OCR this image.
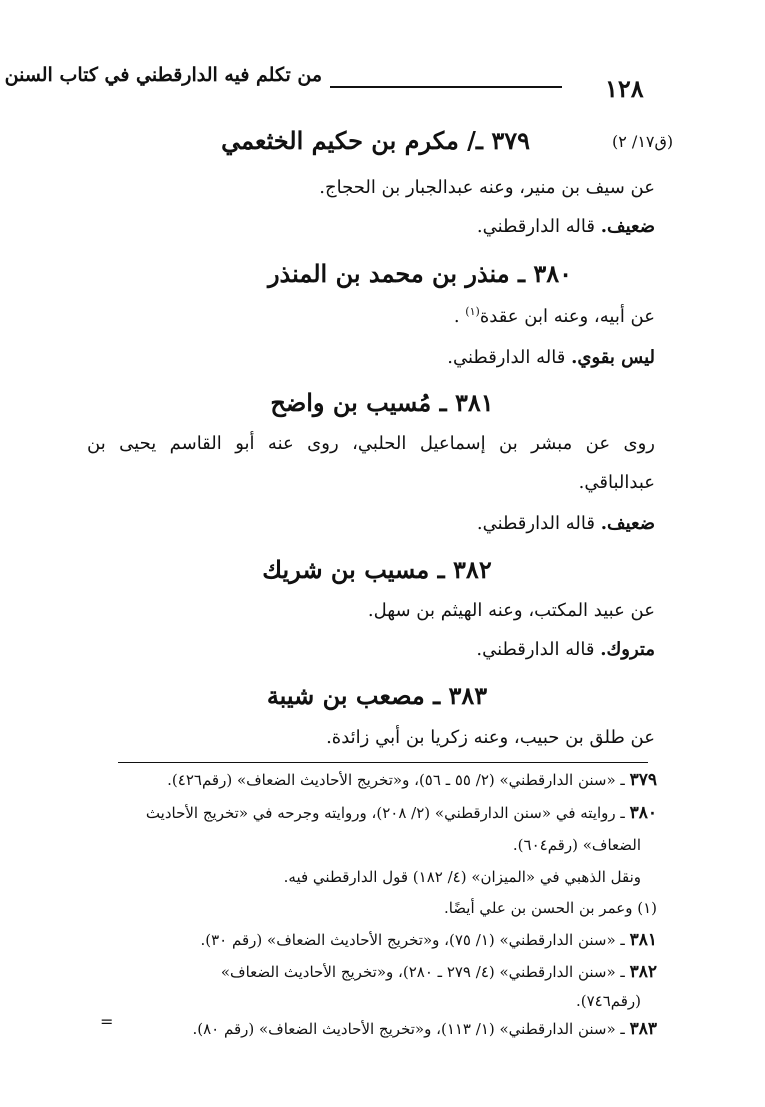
١٢٨
من تكلم فيه الدارقطني في كتاب السنن
(ق١٧/ ٢)
٣٧٩ ـ/ مكرم بن حكيم الخثعمي
عن سيف بن منير، وعنه عبدالجبار بن الحجاج.
ضعيف. قاله الدارقطني.
٣٨٠ ـ منذر بن محمد بن المنذر
عن أبيه، وعنه ابن عقدة$^{(١)}$ .
ليس بقوي. قاله الدارقطني.
٣٨١ ـ مُسيب بن واضح
روى عن مبشر بن إسماعيل الحلبي، روى عنه أبو القاسم يحيى بن
عبدالباقي.
ضعيف. قاله الدارقطني.
٣٨٢ ـ مسيب بن شريك
عن عبيد المكتب، وعنه الهيثم بن سهل.
متروك. قاله الدارقطني.
٣٨٣ ـ مصعب بن شيبة
عن طلق بن حبيب، وعنه زكريا بن أبي زائدة.
٣٧٩ ـ «سنن الدارقطني» (٢/ ٥٥ ـ ٥٦)، و«تخريج الأحاديث الضعاف» (رقم٤٢٦).
٣٨٠ ـ روايته في «سنن الدارقطني» (٢/ ٢٠٨)، وروايته وجرحه في «تخريج الأحاديث
الضعاف» (رقم٦٠٤).
ونقل الذهبي في «الميزان» (٤/ ١٨٢) قول الدارقطني فيه.
(١) وعمر بن الحسن بن علي أيضًا.
٣٨١ ـ «سنن الدارقطني» (١/ ٧٥)، و«تخريج الأحاديث الضعاف» (رقم ٣٠).
٣٨٢ ـ «سنن الدارقطني» (٤/ ٢٧٩ ـ ٢٨٠)، و«تخريج الأحاديث الضعاف»
(رقم٧٤٦).
٣٨٣ ـ «سنن الدارقطني» (١/ ١١٣)، و«تخريج الأحاديث الضعاف» (رقم ٨٠).
=
